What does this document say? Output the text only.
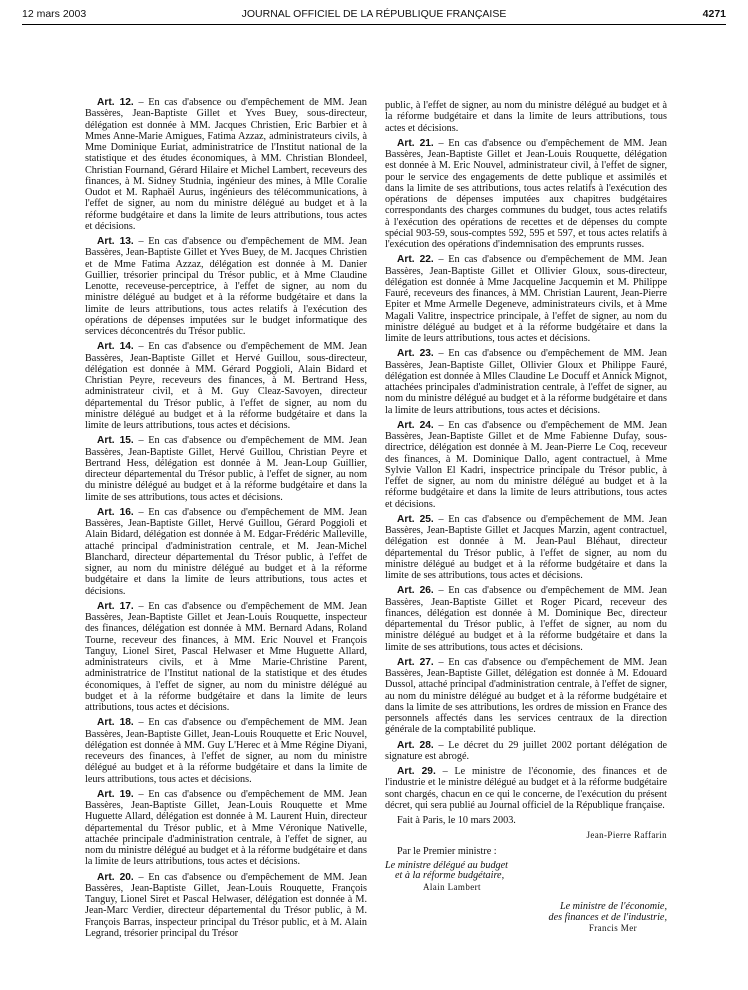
12 mars 2003	JOURNAL OFFICIEL DE LA RÉPUBLIQUE FRANÇAISE	4271

Art. 12. – En cas d'absence ou d'empêchement de MM. Jean Bassères, Jean-Baptiste Gillet et Yves Buey, sous-directeur, délégation est donnée à MM. Jacques Christien, Eric Barbier et à Mmes Anne-Marie Amigues, Fatima Azzaz, administrateurs civils, à Mme Dominique Euriat, administratrice de l'Institut national de la statistique et des études économiques, à MM. Christian Blondeel, Christian Fournand, Gérard Hilaire et Michel Lambert, receveurs des finances, à M. Sidney Studnia, ingénieur des mines, à Mlle Coralie Oudot et M. Raphaël Aurus, ingénieurs des télécommunications, à l'effet de signer, au nom du ministre délégué au budget et à la réforme budgétaire et dans la limite de leurs attributions, tous actes et décisions.

Art. 13. – En cas d'absence ou d'empêchement de MM. Jean Bassères, Jean-Baptiste Gillet et Yves Buey, de M. Jacques Christien et de Mme Fatima Azzaz, délégation est donnée à M. Danier Guillier, trésorier principal du Trésor public, et à Mme Claudine Lenotte, receveuse-perceptrice, à l'effet de signer, au nom du ministre délégué au budget et à la réforme budgétaire et dans la limite de leurs attributions, tous actes relatifs à l'exécution des opérations de dépenses imputées sur le budget informatique des services déconcentrés du Trésor public.

Art. 14. – En cas d'absence ou d'empêchement de MM. Jean Bassères, Jean-Baptiste Gillet et Hervé Guillou, sous-directeur, délégation est donnée à MM. Gérard Poggioli, Alain Bidard et Christian Peyre, receveurs des finances, à M. Bertrand Hess, administrateur civil, et à M. Guy Cleaz-Savoyen, directeur départemental du Trésor public, à l'effet de signer, au nom du ministre délégué au budget et à la réforme budgétaire et dans la limite de leurs attributions, tous actes et décisions.

Art. 15. – En cas d'absence ou d'empêchement de MM. Jean Bassères, Jean-Baptiste Gillet, Hervé Guillou, Christian Peyre et Bertrand Hess, délégation est donnée à M. Jean-Loup Guillier, directeur départemental du Trésor public, à l'effet de signer, au nom du ministre délégué au budget et à la réforme budgétaire et dans la limite de ses attributions, tous actes et décisions.

Art. 16. – En cas d'absence ou d'empêchement de MM. Jean Bassères, Jean-Baptiste Gillet, Hervé Guillou, Gérard Poggioli et Alain Bidard, délégation est donnée à M. Edgar-Frédéric Malleville, attaché principal d'administration centrale, et M. Jean-Michel Blanchard, directeur départemental du Trésor public, à l'effet de signer, au nom du ministre délégué au budget et à la réforme budgétaire et dans la limite de leurs attributions, tous actes et décisions.

Art. 17. – En cas d'absence ou d'empêchement de MM. Jean Bassères, Jean-Baptiste Gillet et Jean-Louis Rouquette, inspecteur des finances, délégation est donnée à MM. Bernard Adans, Roland Tourne, receveur des finances, à MM. Eric Nouvel et François Tanguy, Lionel Siret, Pascal Helwaser et Mme Huguette Allard, administrateurs civils, et à Mme Marie-Christine Parent, administratrice de l'Institut national de la statistique et des études économiques, à l'effet de signer, au nom du ministre délégué au budget et à la réforme budgétaire et dans la limite de leurs attributions, tous actes et décisions.

Art. 18. – En cas d'absence ou d'empêchement de MM. Jean Bassères, Jean-Baptiste Gillet, Jean-Louis Rouquette et Eric Nouvel, délégation est donnée à MM. Guy L'Herec et à Mme Régine Diyani, receveurs des finances, à l'effet de signer, au nom du ministre délégué au budget et à la réforme budgétaire et dans la limite de leurs attributions, tous actes et décisions.

Art. 19. – En cas d'absence ou d'empêchement de MM. Jean Bassères, Jean-Baptiste Gillet, Jean-Louis Rouquette et Mme Huguette Allard, délégation est donnée à M. Laurent Huin, directeur départemental du Trésor public, et à Mme Véronique Nativelle, attachée principale d'administration centrale, à l'effet de signer, au nom du ministre délégué au budget et à la réforme budgétaire et dans la limite de leurs attributions, tous actes et décisions.

Art. 20. – En cas d'absence ou d'empêchement de MM. Jean Bassères, Jean-Baptiste Gillet, Jean-Louis Rouquette, François Tanguy, Lionel Siret et Pascal Helwaser, délégation est donnée à M. Jean-Marc Verdier, directeur départemental du Trésor public, à M. François Barras, inspecteur principal du Trésor public, et à M. Alain Legrand, trésorier principal du Trésor

public, à l'effet de signer, au nom du ministre délégué au budget et à la réforme budgétaire et dans la limite de leurs attributions, tous actes et décisions.

Art. 21. – En cas d'absence ou d'empêchement de MM. Jean Bassères, Jean-Baptiste Gillet et Jean-Louis Rouquette, délégation est donnée à M. Eric Nouvel, administrateur civil, à l'effet de signer, pour le service des engagements de dette publique et assimilés et dans la limite de ses attributions, tous actes relatifs à l'exécution des opérations de dépenses imputées aux chapitres budgétaires correspondants des charges communes du budget, tous actes relatifs à l'exécution des opérations de recettes et de dépenses du compte spécial 903-59, sous-comptes 592, 595 et 597, et tous actes relatifs à l'exécution des opérations d'indemnisation des emprunts russes.

Art. 22. – En cas d'absence ou d'empêchement de MM. Jean Bassères, Jean-Baptiste Gillet et Ollivier Gloux, sous-directeur, délégation est donnée à Mme Jacqueline Jacquemin et M. Philippe Fauré, receveurs des finances, à MM. Christian Laurent, Jean-Pierre Epiter et Mme Armelle Degeneve, administrateurs civils, et à Mme Magali Valitre, inspectrice principale, à l'effet de signer, au nom du ministre délégué au budget et à la réforme budgétaire et dans la limite de leurs attributions, tous actes et décisions.

Art. 23. – En cas d'absence ou d'empêchement de MM. Jean Bassères, Jean-Baptiste Gillet, Ollivier Gloux et Philippe Fauré, délégation est donnée à Mlles Claudine Le Docuff et Annick Mignot, attachées principales d'administration centrale, à l'effet de signer, au nom du ministre délégué au budget et à la réforme budgétaire et dans la limite de leurs attributions, tous actes et décisions.

Art. 24. – En cas d'absence ou d'empêchement de MM. Jean Bassères, Jean-Baptiste Gillet et de Mme Fabienne Dufay, sous-directrice, délégation est donnée à M. Jean-Pierre Le Coq, receveur des finances, à M. Dominique Dallo, agent contractuel, à Mme Sylvie Vallon El Kadri, inspectrice principale du Trésor public, à l'effet de signer, au nom du ministre délégué au budget et à la réforme budgétaire et dans la limite de leurs attributions, tous actes et décisions.

Art. 25. – En cas d'absence ou d'empêchement de MM. Jean Bassères, Jean-Baptiste Gillet et Jacques Marzin, agent contractuel, délégation est donnée à M. Jean-Paul Bléhaut, directeur départemental du Trésor public, à l'effet de signer, au nom du ministre délégué au budget et à la réforme budgétaire et dans la limite de ses attributions, tous actes et décisions.

Art. 26. – En cas d'absence ou d'empêchement de MM. Jean Bassères, Jean-Baptiste Gillet et Roger Picard, receveur des finances, délégation est donnée à M. Dominique Bec, directeur départemental du Trésor public, à l'effet de signer, au nom du ministre délégué au budget et à la réforme budgétaire et dans la limite de ses attributions, tous actes et décisions.

Art. 27. – En cas d'absence ou d'empêchement de MM. Jean Bassères, Jean-Baptiste Gillet, délégation est donnée à M. Edouard Dussol, attaché principal d'administration centrale, à l'effet de signer, au nom du ministre délégué au budget et à la réforme budgétaire et dans la limite de ses attributions, les ordres de mission en France des personnels affectés dans les services centraux de la direction générale de la comptabilité publique.

Art. 28. – Le décret du 29 juillet 2002 portant délégation de signature est abrogé.

Art. 29. – Le ministre de l'économie, des finances et de l'industrie et le ministre délégué au budget et à la réforme budgétaire sont chargés, chacun en ce qui le concerne, de l'exécution du présent décret, qui sera publié au Journal officiel de la République française.

Fait à Paris, le 10 mars 2003.

Jean-Pierre Raffarin

Par le Premier ministre :

Le ministre délégué au budget
et à la réforme budgétaire,
Alain Lambert
Le ministre de l'économie,
des finances et de l'industrie,
Francis Mer
